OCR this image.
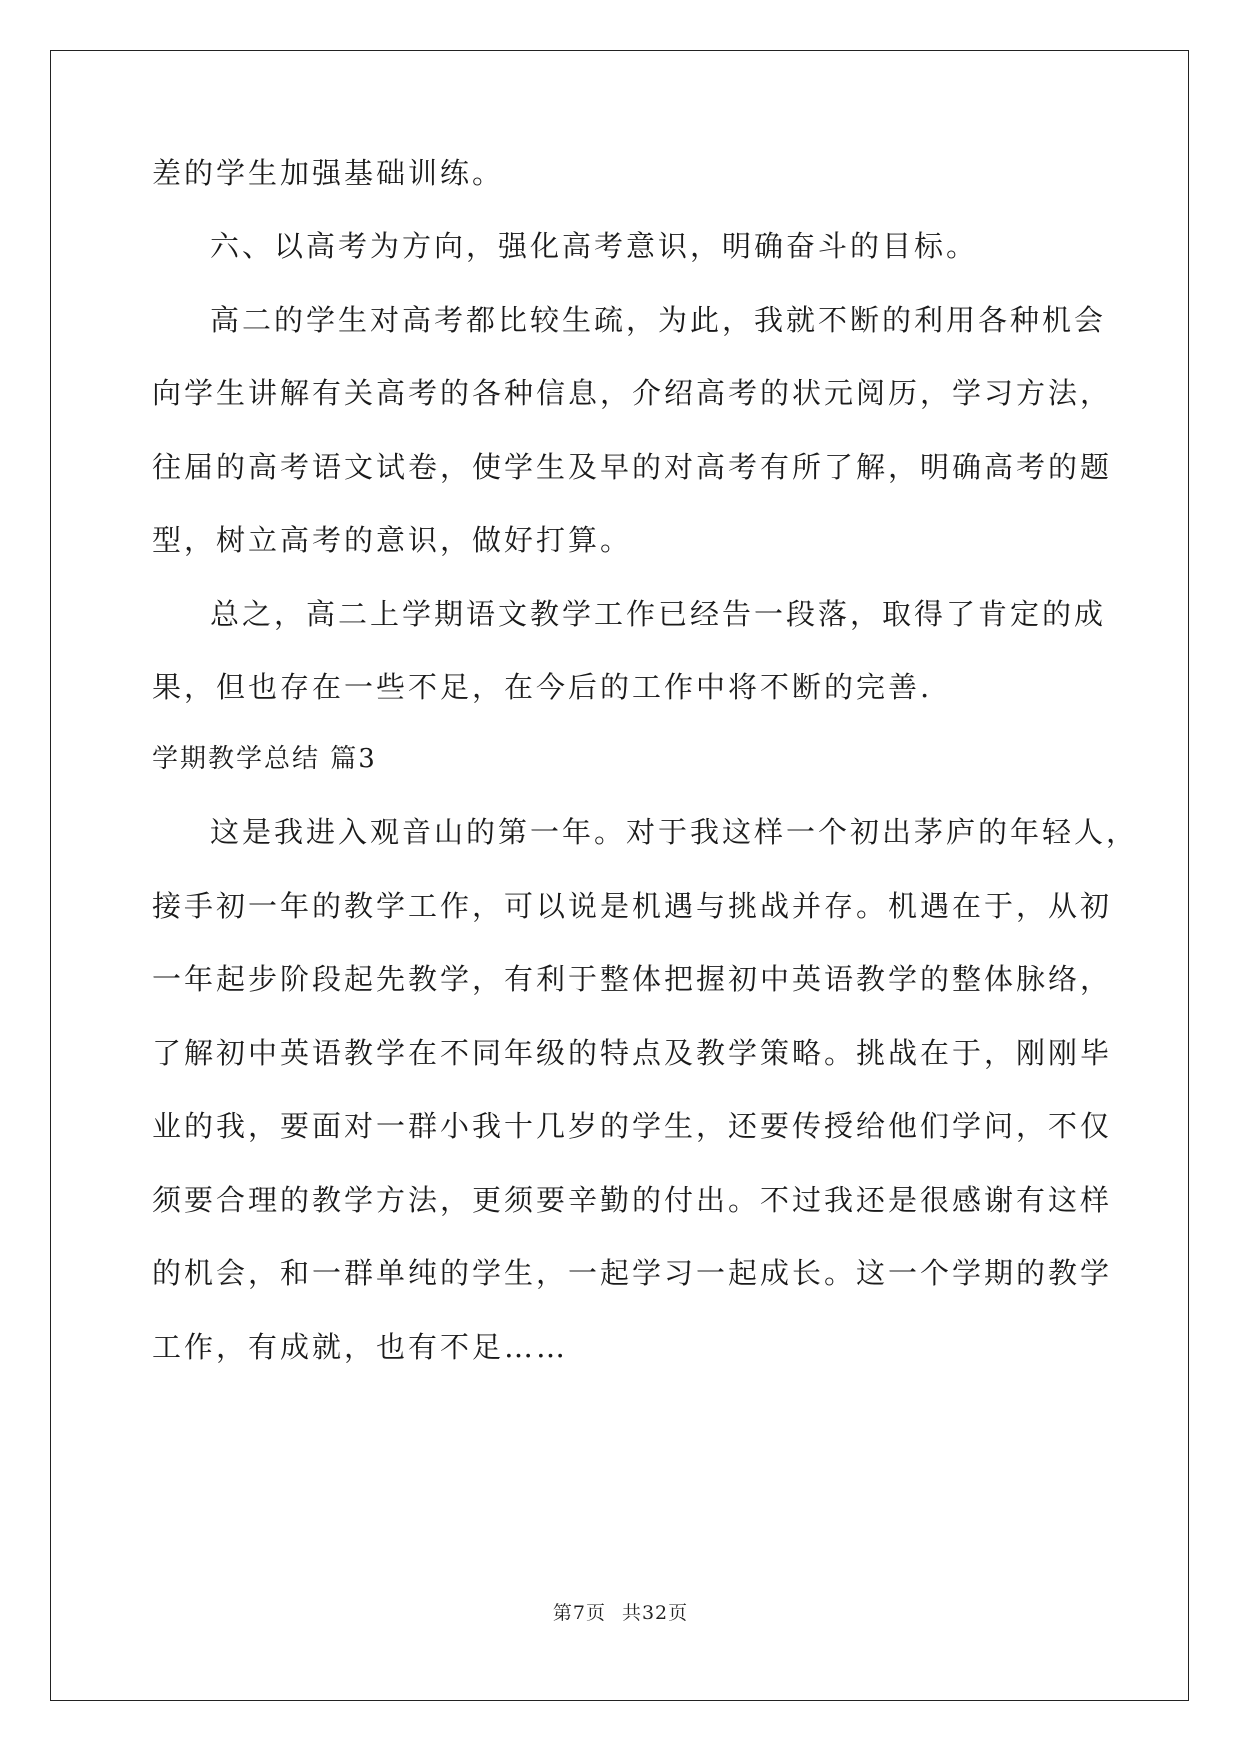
差的学生加强基础训练。
六、以高考为方向，强化高考意识，明确奋斗的目标。
高二的学生对高考都比较生疏，为此，我就不断的利用各种机会
向学生讲解有关高考的各种信息，介绍高考的状元阅历，学习方法，
往届的高考语文试卷，使学生及早的对高考有所了解，明确高考的题
型，树立高考的意识，做好打算。
总之，高二上学期语文教学工作已经告一段落，取得了肯定的成
果，但也存在一些不足，在今后的工作中将不断的完善.
学期教学总结 篇3
这是我进入观音山的第一年。对于我这样一个初出茅庐的年轻人，
接手初一年的教学工作，可以说是机遇与挑战并存。机遇在于，从初
一年起步阶段起先教学，有利于整体把握初中英语教学的整体脉络，
了解初中英语教学在不同年级的特点及教学策略。挑战在于，刚刚毕
业的我，要面对一群小我十几岁的学生，还要传授给他们学问，不仅
须要合理的教学方法，更须要辛勤的付出。不过我还是很感谢有这样
的机会，和一群单纯的学生，一起学习一起成长。这一个学期的教学
工作，有成就，也有不足……
第7页 共32页
